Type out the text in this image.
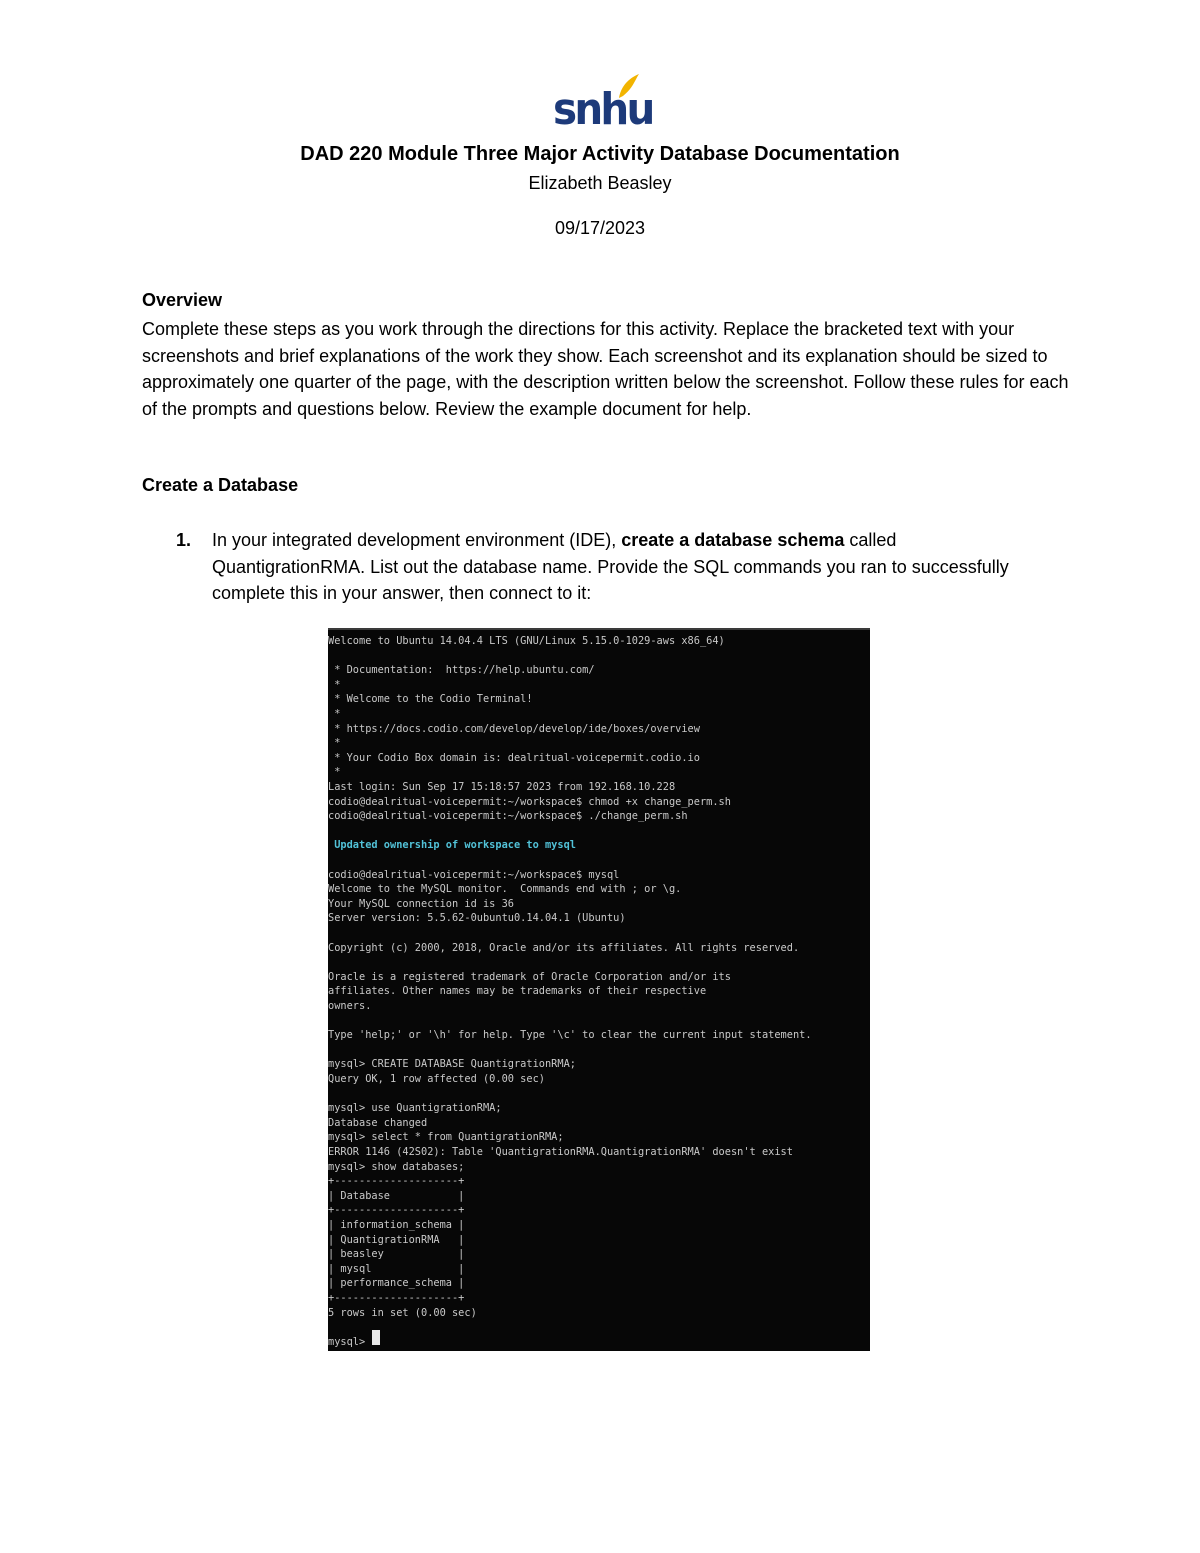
snhu
DAD 220 Module Three Major Activity Database Documentation
Elizabeth Beasley
09/17/2023
Overview
Complete these steps as you work through the directions for this activity. Replace the bracketed text with your screenshots and brief explanations of the work they show. Each screenshot and its explanation should be sized to approximately one quarter of the page, with the description written below the screenshot. Follow these rules for each of the prompts and questions below. Review the example document for help.
Create a Database
1. In your integrated development environment (IDE), create a database schema called QuantigrationRMA. List out the database name. Provide the SQL commands you ran to successfully complete this in your answer, then connect to it:
Welcome to Ubuntu 14.04.4 LTS (GNU/Linux 5.15.0-1029-aws x86_64)
* Documentation:  https://help.ubuntu.com/
*
* Welcome to the Codio Terminal!
*
* https://docs.codio.com/develop/develop/ide/boxes/overview
*
* Your Codio Box domain is: dealritual-voicepermit.codio.io
*
Last login: Sun Sep 17 15:18:57 2023 from 192.168.10.228
codio@dealritual-voicepermit:~/workspace$ chmod +x change_perm.sh
codio@dealritual-voicepermit:~/workspace$ ./change_perm.sh
Updated ownership of workspace to mysql
codio@dealritual-voicepermit:~/workspace$ mysql
Welcome to the MySQL monitor.  Commands end with ; or \g.
Your MySQL connection id is 36
Server version: 5.5.62-0ubuntu0.14.04.1 (Ubuntu)
Copyright (c) 2000, 2018, Oracle and/or its affiliates. All rights reserved.
Oracle is a registered trademark of Oracle Corporation and/or its
affiliates. Other names may be trademarks of their respective
owners.
Type 'help;' or '\h' for help. Type '\c' to clear the current input statement.
mysql> CREATE DATABASE QuantigrationRMA;
Query OK, 1 row affected (0.00 sec)
mysql> use QuantigrationRMA;
Database changed
mysql> select * from QuantigrationRMA;
ERROR 1146 (42S02): Table 'QuantigrationRMA.QuantigrationRMA' doesn't exist
mysql> show databases;
+--------------------+
| Database           |
+--------------------+
| information_schema |
| QuantigrationRMA   |
| beasley            |
| mysql              |
| performance_schema |
+--------------------+
5 rows in set (0.00 sec)
mysql>
